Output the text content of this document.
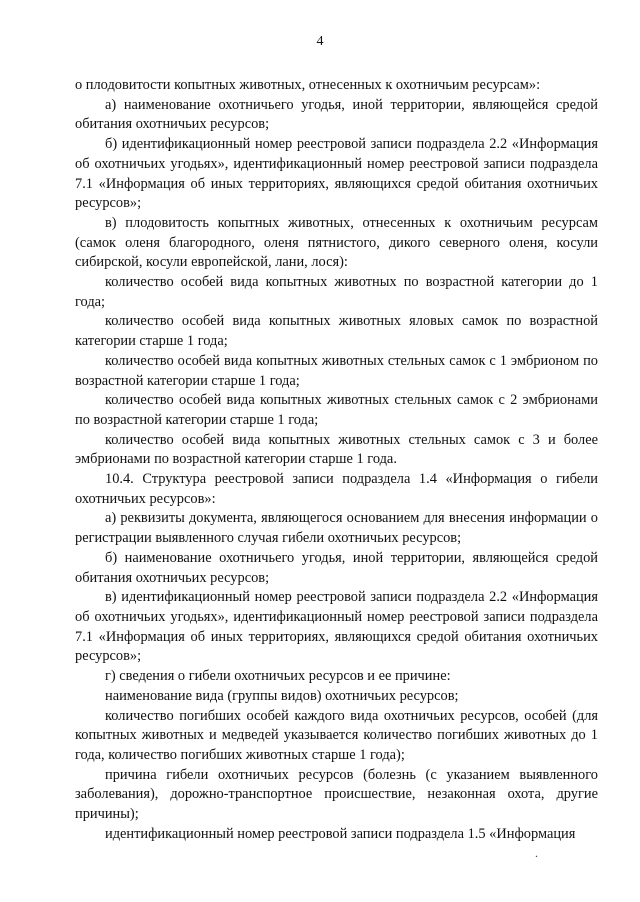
4

о плодовитости копытных животных, отнесенных к охотничьим ресурсам»:

а) наименование охотничьего угодья, иной территории, являющейся средой обитания охотничьих ресурсов;

б) идентификационный номер реестровой записи подраздела 2.2 «Информация об охотничьих угодьях», идентификационный номер реестровой записи подраздела 7.1 «Информация об иных территориях, являющихся средой обитания охотничьих ресурсов»;

в) плодовитость копытных животных, отнесенных к охотничьим ресурсам (самок оленя благородного, оленя пятнистого, дикого северного оленя, косули сибирской, косули европейской, лани, лося):

количество особей вида копытных животных по возрастной категории до 1 года;

количество особей вида копытных животных яловых самок по возрастной категории старше 1 года;

количество особей вида копытных животных стельных самок с 1 эмбрионом по возрастной категории старше 1 года;

количество особей вида копытных животных стельных самок с 2 эмбрионами по возрастной категории старше 1 года;

количество особей вида копытных животных стельных самок с 3 и более эмбрионами по возрастной категории старше 1 года.

10.4. Структура реестровой записи подраздела 1.4 «Информация о гибели охотничьих ресурсов»:

а) реквизиты документа, являющегося основанием для внесения информации о регистрации выявленного случая гибели охотничьих ресурсов;

б) наименование охотничьего угодья, иной территории, являющейся средой обитания охотничьих ресурсов;

в) идентификационный номер реестровой записи подраздела 2.2 «Информация об охотничьих угодьях», идентификационный номер реестровой записи подраздела 7.1 «Информация об иных территориях, являющихся средой обитания охотничьих ресурсов»;

г) сведения о гибели охотничьих ресурсов и ее причине:

наименование вида (группы видов) охотничьих ресурсов;

количество погибших особей каждого вида охотничьих ресурсов, особей (для копытных животных и медведей указывается количество погибших животных до 1 года, количество погибших животных старше 1 года);

причина гибели охотничьих ресурсов (болезнь (с указанием выявленного заболевания), дорожно-транспортное происшествие, незаконная охота, другие причины);

идентификационный номер реестровой записи подраздела 1.5 «Информация

.
